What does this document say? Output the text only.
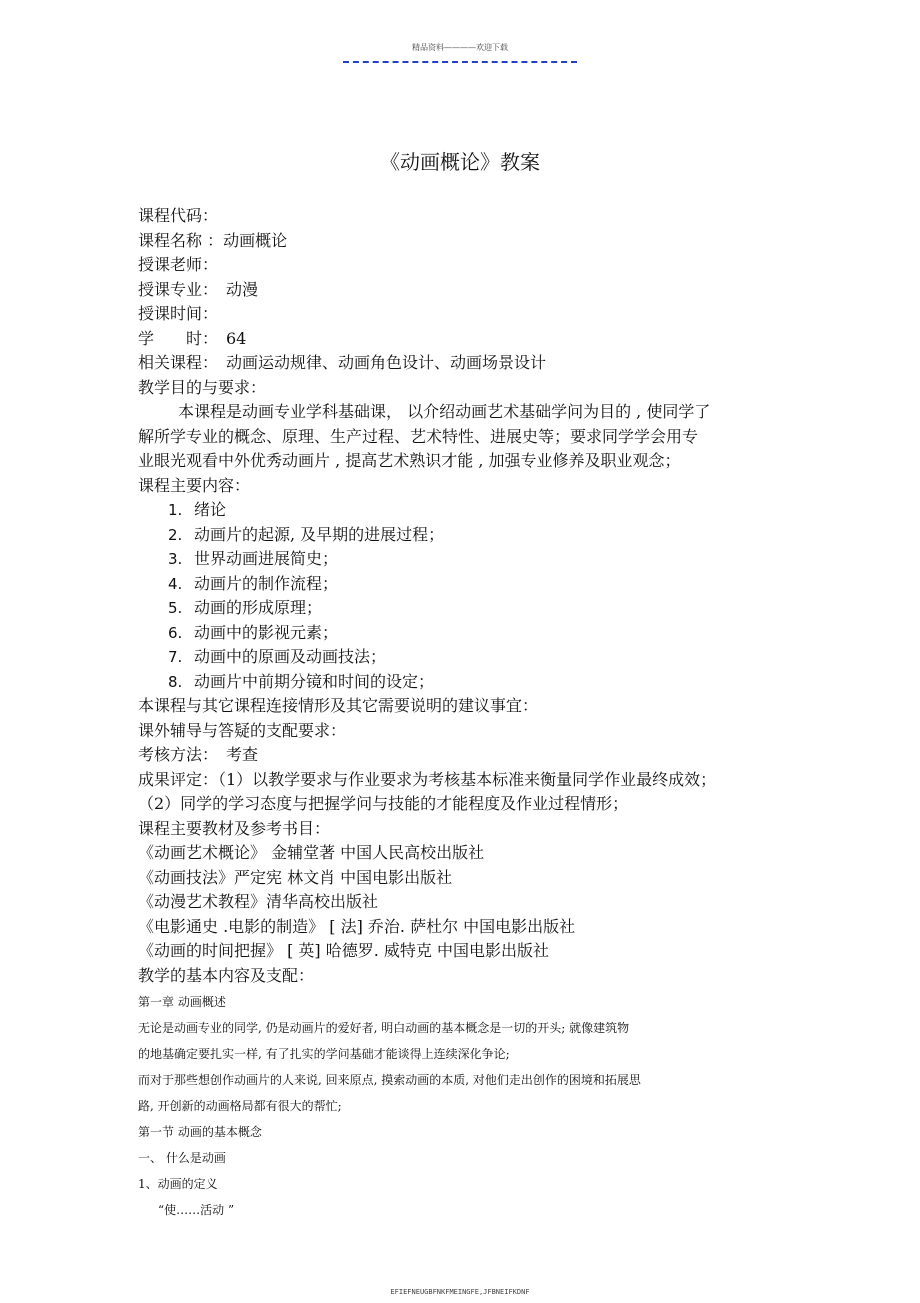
精品资料————欢迎下载
《动画概论》教案
课程代码：
课程名称 ：动画概论
授课老师：
授课专业：　动漫
授课时间：
学　　时：　64
相关课程：　动画运动规律、动画角色设计、动画场景设计
教学目的与要求：
本课程是动画专业学科基础课， 以介绍动画艺术基础学问为目的 , 使同学了
解所学专业的概念、原理、生产过程、艺术特性、进展史等；要求同学学会用专
业眼光观看中外优秀动画片 , 提高艺术熟识才能 , 加强专业修养及职业观念；
课程主要内容：
1. 绪论
2. 动画片的起源, 及早期的进展过程；
3. 世界动画进展简史；
4. 动画片的制作流程；
5. 动画的形成原理；
6. 动画中的影视元素；
7. 动画中的原画及动画技法；
8. 动画片中前期分镜和时间的设定；
本课程与其它课程连接情形及其它需要说明的建议事宜：
课外辅导与答疑的支配要求：
考核方法：　考查
成果评定：（1）以教学要求与作业要求为考核基本标准来衡量同学作业最终成效；
（2）同学的学习态度与把握学问与技能的才能程度及作业过程情形；
课程主要教材及参考书目：
《动画艺术概论》 金辅堂著 中国人民高校出版社
《动画技法》严定宪 林文肖 中国电影出版社
《动漫艺术教程》清华高校出版社
《电影通史 .电影的制造》 [ 法] 乔治. 萨杜尔 中国电影出版社
《动画的时间把握》 [ 英] 哈德罗. 威特克 中国电影出版社
教学的基本内容及支配：
第一章 动画概述
无论是动画专业的同学, 仍是动画片的爱好者, 明白动画的基本概念是一切的开头; 就像建筑物
的地基确定要扎实一样, 有了扎实的学问基础才能谈得上连续深化争论;
而对于那些想创作动画片的人来说, 回来原点, 摸索动画的本质, 对他们走出创作的困境和拓展思
路, 开创新的动画格局都有很大的帮忙;
第一节 动画的基本概念
一、 什么是动画
1、动画的定义
“使……活动 ”
EFIEFNEUGBFNKFMEINGFE,JFBNEIFKDNF
